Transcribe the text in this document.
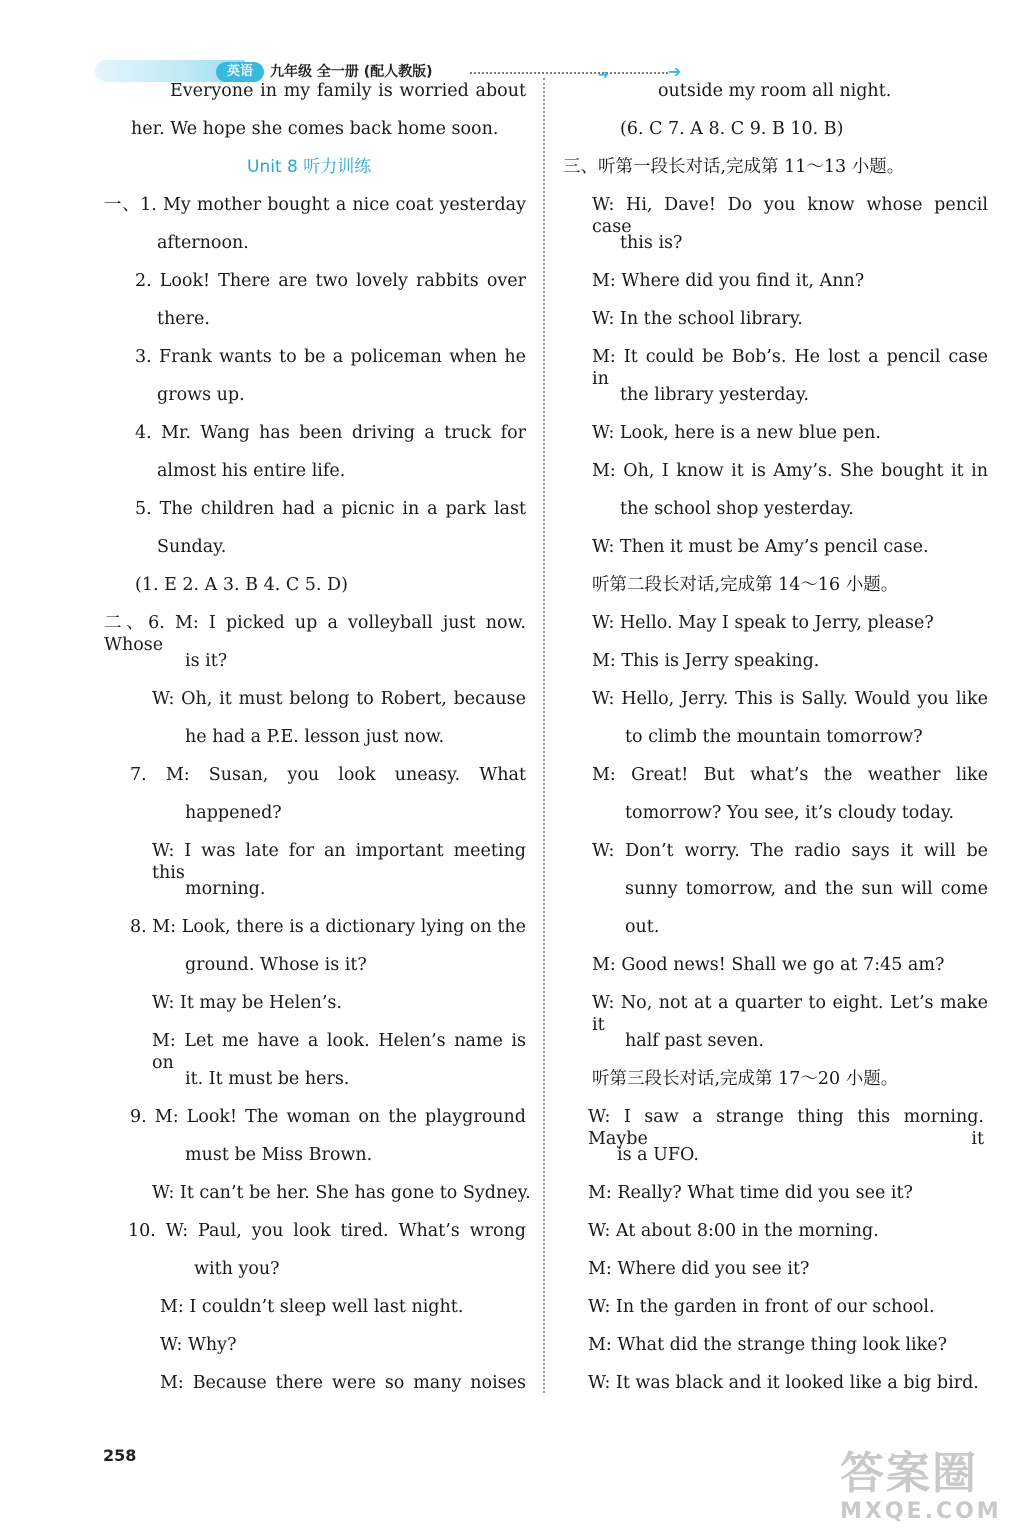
英语	九年级 全一册 (配人教版)	➔	➔
Everyone in my family is worried about
her. We hope she comes back home soon.
Unit 8 听力训练
一、1. My mother bought a nice coat yesterday
afternoon.
2. Look! There are two lovely rabbits over
there.
3. Frank wants to be a policeman when he
grows up.
4. Mr. Wang has been driving a truck for
almost his entire life.
5. The children had a picnic in a park last
Sunday.
(1. E 2. A 3. B 4. C 5. D)
二、6. M: I picked up a volleyball just now. Whose
is it?
W: Oh, it must belong to Robert, because
he had a P.E. lesson just now.
7. M: Susan, you look uneasy. What
happened?
W: I was late for an important meeting this
morning.
8. M: Look, there is a dictionary lying on the
ground. Whose is it?
W: It may be Helen’s.
M: Let me have a look. Helen’s name is on
it. It must be hers.
9. M: Look! The woman on the playground
must be Miss Brown.
W: It can’t be her. She has gone to Sydney.
10. W: Paul, you look tired. What’s wrong
with you?
M: I couldn’t sleep well last night.
W: Why?
M: Because there were so many noises
outside my room all night.
(6. C 7. A 8. C 9. B 10. B)
三、听第一段长对话,完成第 11～13 小题。
W: Hi, Dave! Do you know whose pencil case
this is?
M: Where did you find it, Ann?
W: In the school library.
M: It could be Bob’s. He lost a pencil case in
the library yesterday.
W: Look, here is a new blue pen.
M: Oh, I know it is Amy’s. She bought it in
the school shop yesterday.
W: Then it must be Amy’s pencil case.
听第二段长对话,完成第 14～16 小题。
W: Hello. May I speak to Jerry, please?
M: This is Jerry speaking.
W: Hello, Jerry. This is Sally. Would you like
to climb the mountain tomorrow?
M: Great! But what’s the weather like
tomorrow? You see, it’s cloudy today.
W: Don’t worry. The radio says it will be
sunny tomorrow, and the sun will come
out.
M: Good news! Shall we go at 7:45 am?
W: No, not at a quarter to eight. Let’s make it
half past seven.
听第三段长对话,完成第 17～20 小题。
W: I saw a strange thing this morning. Maybe it
is a UFO.
M: Really? What time did you see it?
W: At about 8:00 in the morning.
M: Where did you see it?
W: In the garden in front of our school.
M: What did the strange thing look like?
W: It was black and it looked like a big bird.
258	答案圈
MXQE.COM
